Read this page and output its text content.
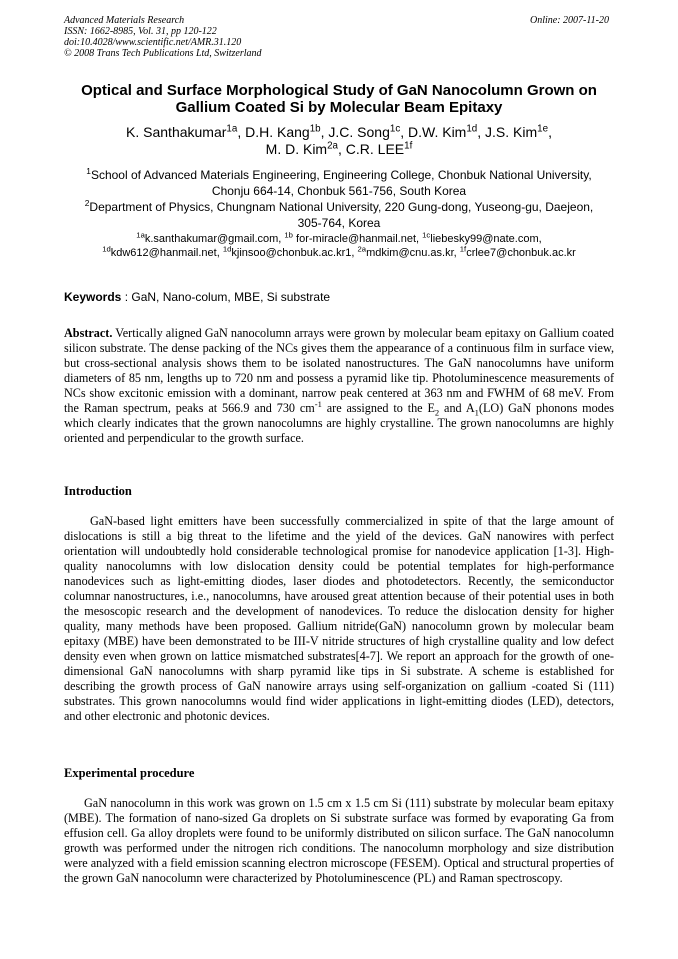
Advanced Materials Research
ISSN: 1662-8985, Vol. 31, pp 120-122
doi:10.4028/www.scientific.net/AMR.31.120
© 2008 Trans Tech Publications Ltd, Switzerland
Online: 2007-11-20
Optical and Surface Morphological Study of GaN Nanocolumn Grown on
Gallium Coated Si by Molecular Beam Epitaxy
K. Santhakumar$^{1a}$, D.H. Kang$^{1b}$, J.C. Song$^{1c}$, D.W. Kim$^{1d}$, J.S. Kim$^{1e}$,
M. D. Kim$^{2a}$, C.R. $LEE^{1f}$
$^1$School of Advanced Materials Engineering, Engineering College, Chonbuk National University,
Chonju 664-14, Chonbuk 561-756, South Korea
$^2$Department of Physics, Chungnam National University, 220 Gung-dong, Yuseong-gu, Daejeon,
305-764, Korea
$^{1a}$k.santhakumar@gmail.com, $^{1b}$ for-miracle@hanmail.net, $^{1c}$liebesky99@nate.com,
$^{1d}$kdw612@hanmail.net, $^{1d}$kjinsoo@chonbuk.ac.kr1, $^{2a}$mdkim@cnu.as.kr, $^{1f}$crlee7@chonbuk.ac.kr
Keywords : GaN, Nano-colum, MBE, Si substrate
Abstract. Vertically aligned GaN nanocolumn arrays were grown by molecular beam epitaxy on Gallium coated silicon substrate. The dense packing of the NCs gives them the appearance of a continuous film in surface view, but cross-sectional analysis shows them to be isolated nanostructures. The GaN nanocolumns have uniform diameters of 85 nm, lengths up to 720 nm and possess a pyramid like tip. Photoluminescence measurements of NCs show excitonic emission with a dominant, narrow peak centered at 363 nm and FWHM of 68 meV. From the Raman spectrum, peaks at 566.9 and 730 $cm^{-1}$ are assigned to the $E_2$ and $A_1(LO)$ GaN phonons modes which clearly indicates that the grown nanocolumns are highly crystalline. The grown nanocolumns are highly oriented and perpendicular to the growth surface.
Introduction
GaN-based light emitters have been successfully commercialized in spite of that the large amount of dislocations is still a big threat to the lifetime and the yield of the devices. GaN nanowires with perfect orientation will undoubtedly hold considerable technological promise for nanodevice application [1-3]. High-quality nanocolumns with low dislocation density could be potential templates for high-performance nanodevices such as light-emitting diodes, laser diodes and photodetectors. Recently, the semiconductor columnar nanostructures, i.e., nanocolumns, have aroused great attention because of their potential uses in both the mesoscopic research and the development of nanodevices. To reduce the dislocation density for higher quality, many methods have been proposed. Gallium nitride(GaN) nanocolumn grown by molecular beam epitaxy (MBE) have been demonstrated to be III-V nitride structures of high crystalline quality and low defect density even when grown on lattice mismatched substrates[4-7]. We report an approach for the growth of one-dimensional GaN nanocolumns with sharp pyramid like tips in Si substrate. A scheme is established for describing the growth process of GaN nanowire arrays using self-organization on gallium -coated Si (111) substrates. This grown nanocolumns would find wider applications in light-emitting diodes (LED), detectors, and other electronic and photonic devices.
Experimental procedure
GaN nanocolumn in this work was grown on 1.5 cm x 1.5 cm Si (111) substrate by molecular beam epitaxy (MBE). The formation of nano-sized Ga droplets on Si substrate surface was formed by evaporating Ga from effusion cell. Ga alloy droplets were found to be uniformly distributed on silicon surface. The GaN nanocolumn growth was performed under the nitrogen rich conditions. The nanocolumn morphology and size distribution were analyzed with a field emission scanning electron microscope (FESEM). Optical and structural properties of the grown GaN nanocolumn were characterized by Photoluminescence (PL) and Raman spectroscopy.
